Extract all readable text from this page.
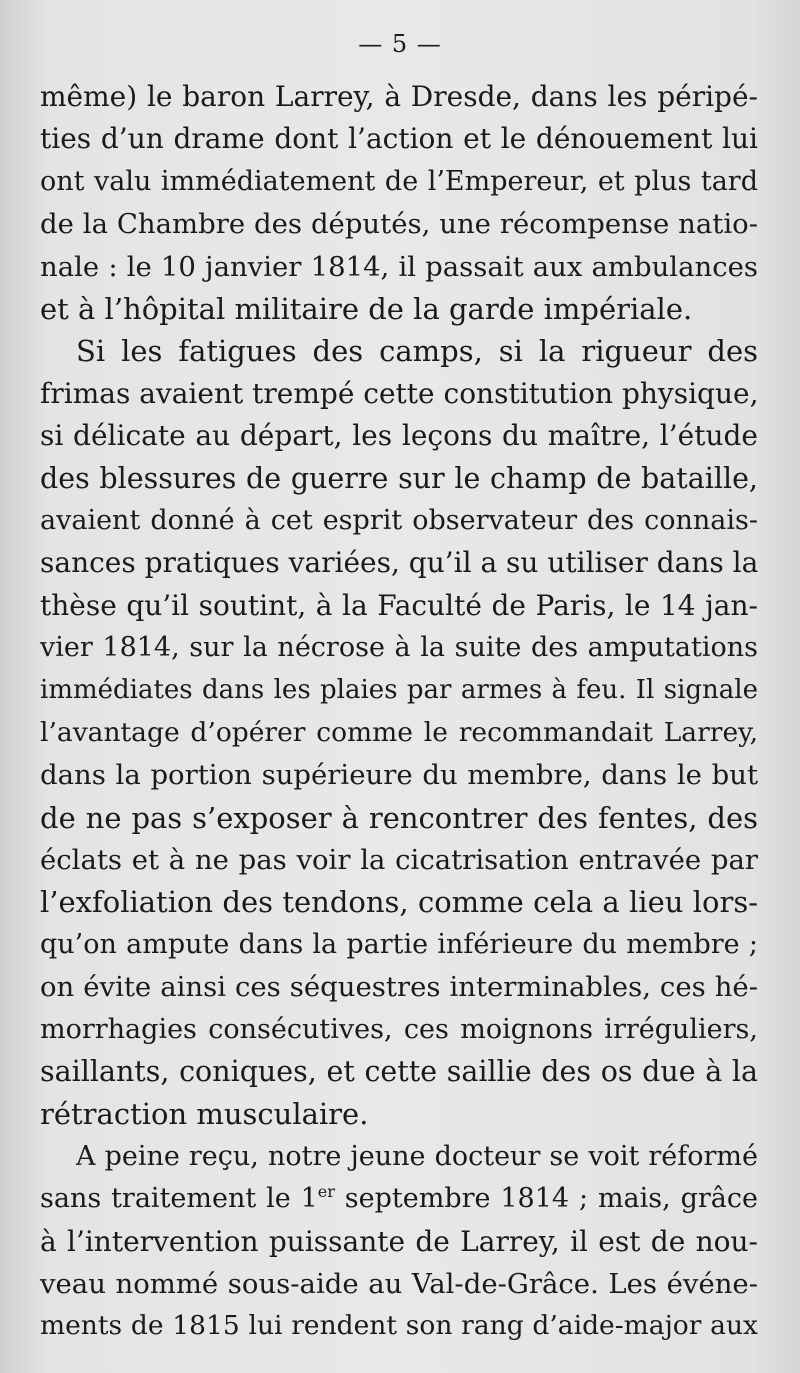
— 5 —
même) le baron Larrey, à Dresde, dans les péripé-
ties d’un drame dont l’action et le dénouement lui
ont valu immédiatement de l’Empereur, et plus tard
de la Chambre des députés, une récompense natio-
nale : le 10 janvier 1814, il passait aux ambulances
et à l’hôpital militaire de la garde impériale.
Si les fatigues des camps, si la rigueur des
frimas avaient trempé cette constitution physique,
si délicate au départ, les leçons du maître, l’étude
des blessures de guerre sur le champ de bataille,
avaient donné à cet esprit observateur des connais-
sances pratiques variées, qu’il a su utiliser dans la
thèse qu’il soutint, à la Faculté de Paris, le 14 jan-
vier 1814, sur la nécrose à la suite des amputations
immédiates dans les plaies par armes à feu. Il signale
l’avantage d’opérer comme le recommandait Larrey,
dans la portion supérieure du membre, dans le but
de ne pas s’exposer à rencontrer des fentes, des
éclats et à ne pas voir la cicatrisation entravée par
l’exfoliation des tendons, comme cela a lieu lors-
qu’on ampute dans la partie inférieure du membre ;
on évite ainsi ces séquestres interminables, ces hé-
morrhagies consécutives, ces moignons irréguliers,
saillants, coniques, et cette saillie des os due à la
rétraction musculaire.
A peine reçu, notre jeune docteur se voit réformé
sans traitement le 1er septembre 1814 ; mais, grâce
à l’intervention puissante de Larrey, il est de nou-
veau nommé sous-aide au Val-de-Grâce. Les événe-
ments de 1815 lui rendent son rang d’aide-major aux
